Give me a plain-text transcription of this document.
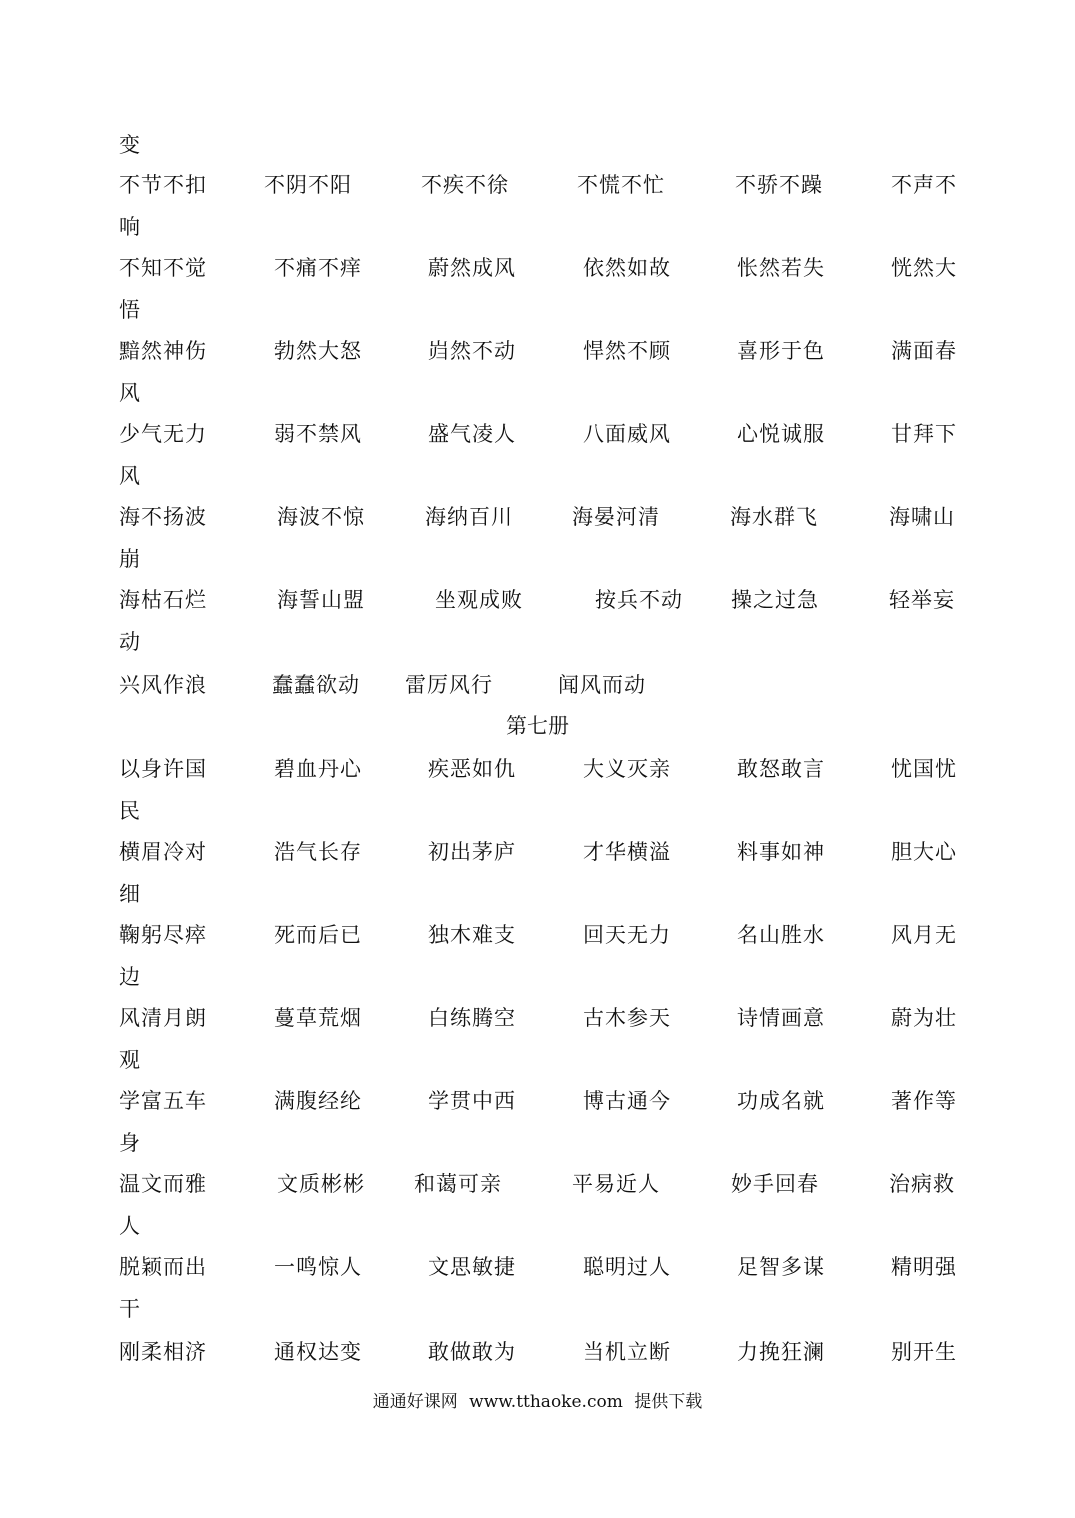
变
不节不扣	不阴不阳	不疾不徐	不慌不忙	不骄不躁	不声不
响
不知不觉	不痛不痒	蔚然成风	依然如故	怅然若失	恍然大
悟
黯然神伤	勃然大怒	岿然不动	悍然不顾	喜形于色	满面春
风
少气无力	弱不禁风	盛气凌人	八面威风	心悦诚服	甘拜下
风
海不扬波	海波不惊	海纳百川	海晏河清	海水群飞	海啸山
崩
海枯石烂	海誓山盟	坐观成败	按兵不动 操之过急	轻举妄
动
兴风作浪	蠢蠢欲动 雷厉风行	闻风而动
第七册
以身许国	碧血丹心	疾恶如仇	大义灭亲	敢怒敢言	忧国忧
民
横眉冷对	浩气长存	初出茅庐	才华横溢	料事如神	胆大心
细
鞠躬尽瘁	死而后已	独木难支	回天无力	名山胜水	风月无
边
风清月朗	蔓草荒烟	白练腾空	古木参天	诗情画意	蔚为壮
观
学富五车	满腹经纶	学贯中西	博古通今	功成名就	著作等
身
温文而雅	文质彬彬 和蔼可亲	平易近人	妙手回春	治病救
人
脱颖而出	一鸣惊人	文思敏捷	聪明过人	足智多谋	精明强
干
刚柔相济	通权达变	敢做敢为	当机立断	力挽狂澜	别开生
通通好课网 www.tthaoke.com 提供下载
